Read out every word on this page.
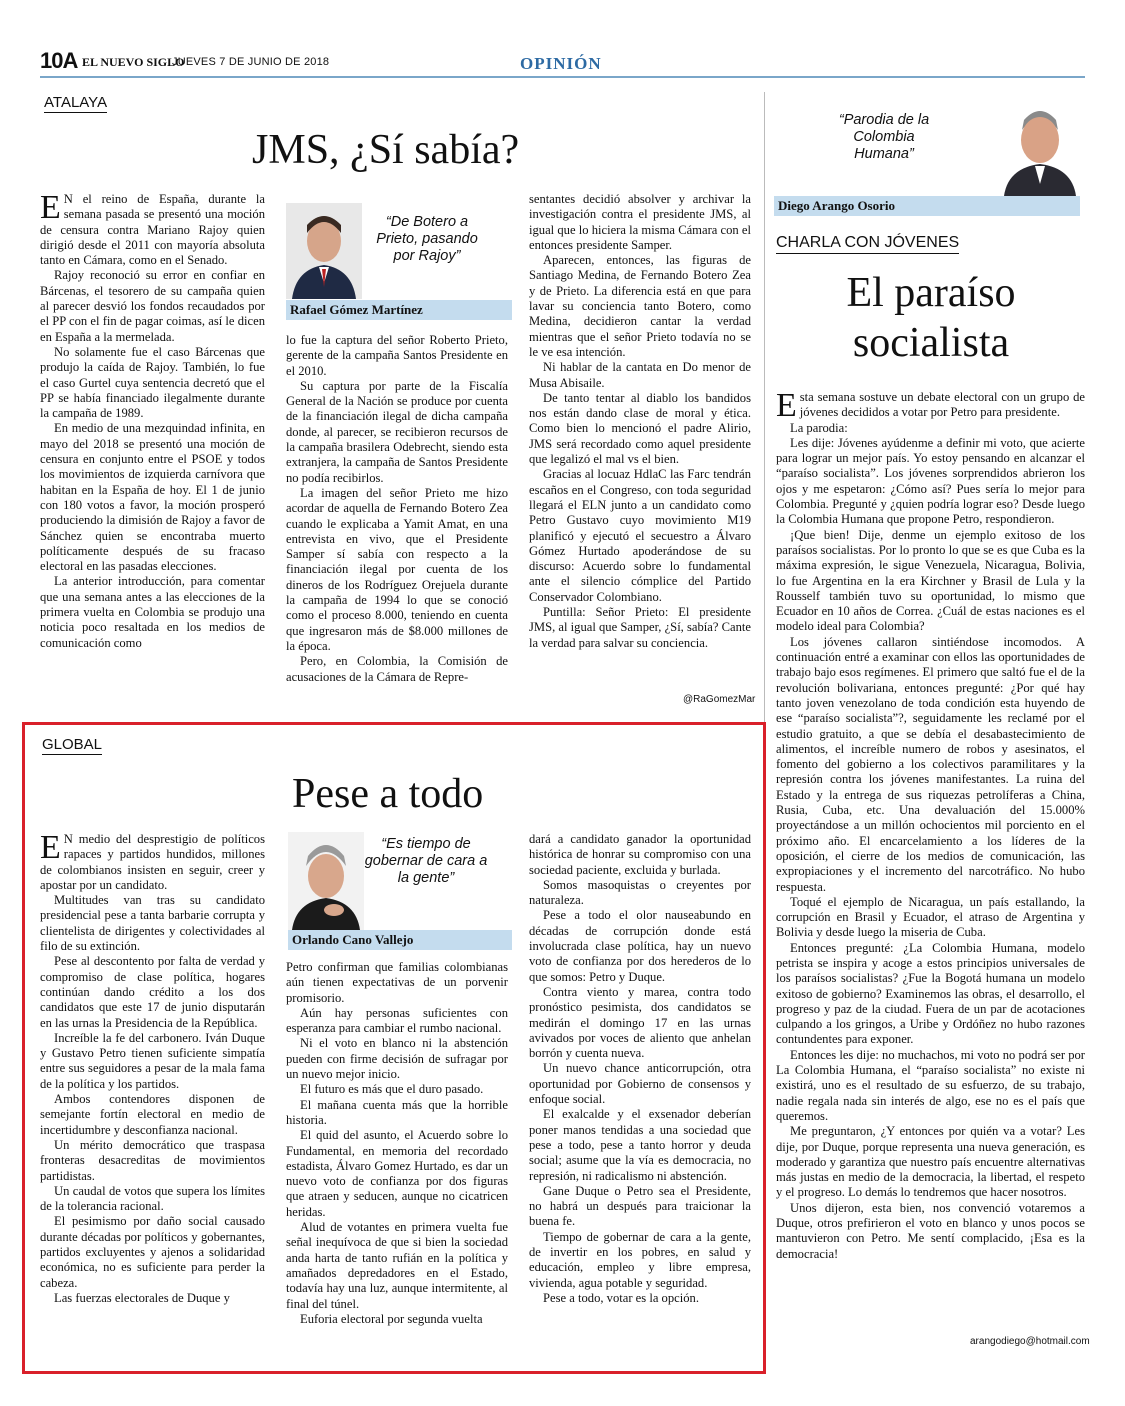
10A EL NUEVO SIGLO
JUEVES 7 DE JUNIO DE 2018	OPINIÓN
ATALAYA
JMS, ¿Sí sabía?

E N el reino de España, durante la semana pasada se presentó una moción de censura contra Mariano Rajoy quien dirigió desde el 2011 con mayoría absoluta tanto en Cámara, como en el Senado.

Rajoy reconoció su error en confiar en Bárcenas, el tesorero de su campaña quien al parecer desvió los fondos recaudados por el PP con el fin de pagar coimas, así le dicen en España a la mermelada.

No solamente fue el caso Bárcenas que produjo la caída de Rajoy. También, lo fue el caso Gurtel cuya sentencia decretó que el PP se había financiado ilegalmente durante la campaña de 1989.

En medio de una mezquindad infinita, en mayo del 2018 se presentó una moción de censura en conjunto entre el PSOE y todos los movimientos de izquierda carnívora que habitan en la España de hoy. El 1 de junio con 180 votos a favor, la moción prosperó produciendo la dimisión de Rajoy a favor de Sánchez quien se encontraba muerto políticamente después de su fracaso electoral en las pasadas elecciones.

La anterior introducción, para comentar que una semana antes a las elecciones de la primera vuelta en Colombia se produjo una noticia poco resaltada en los medios de comunicación como

“De Botero a Prieto, pasando por Rajoy”
Rafael Gómez Martínez

lo fue la captura del señor Roberto Prieto, gerente de la campaña Santos Presidente en el 2010.

Su captura por parte de la Fiscalía General de la Nación se produce por cuenta de la financiación ilegal de dicha campaña donde, al parecer, se recibieron recursos de la campaña brasilera Odebrecht, siendo esta extranjera, la campaña de Santos Presidente no podía recibirlos.

La imagen del señor Prieto me hizo acordar de aquella de Fernando Botero Zea cuando le explicaba a Yamit Amat, en una entrevista en vivo, que el Presidente Samper sí sabía con respecto a la financiación ilegal por cuenta de los dineros de los Rodríguez Orejuela durante la campaña de 1994 lo que se conoció como el proceso 8.000, teniendo en cuenta que ingresaron más de $8.000 millones de la época.

Pero, en Colombia, la Comisión de acusaciones de la Cámara de Repre-

sentantes decidió absolver y archivar la investigación contra el presidente JMS, al igual que lo hiciera la misma Cámara con el entonces presidente Samper.

Aparecen, entonces, las figuras de Santiago Medina, de Fernando Botero Zea y de Prieto. La diferencia está en que para lavar su conciencia tanto Botero, como Medina, decidieron cantar la verdad mientras que el señor Prieto todavía no se le ve esa intención.

Ni hablar de la cantata en Do menor de Musa Abisaile.

De tanto tentar al diablo los bandidos nos están dando clase de moral y ética. Como bien lo mencionó el padre Alirio, JMS será recordado como aquel presidente que legalizó el mal vs el bien.

Gracias al locuaz HdlaC las Farc tendrán escaños en el Congreso, con toda seguridad llegará el ELN junto a un candidato como Petro Gustavo cuyo movimiento M19 planificó y ejecutó el secuestro a Álvaro Gómez Hurtado apoderándose de su discurso: Acuerdo sobre lo fundamental ante el silencio cómplice del Partido Conservador Colombiano.

Puntilla: Señor Prieto: El presidente JMS, al igual que Samper, ¿Sí, sabía? Cante la verdad para salvar su conciencia.

@RaGomezMar
GLOBAL
Pese a todo

E N medio del desprestigio de políticos rapaces y partidos hundidos, millones de colombianos insisten en seguir, creer y apostar por un candidato.

Multitudes van tras su candidato presidencial pese a tanta barbarie corrupta y clientelista de dirigentes y colectividades al filo de su extinción.

Pese al descontento por falta de verdad y compromiso de clase política, hogares continúan dando crédito a los dos candidatos que este 17 de junio disputarán en las urnas la Presidencia de la República.

Increíble la fe del carbonero. Iván Duque y Gustavo Petro tienen suficiente simpatía entre sus seguidores a pesar de la mala fama de la política y los partidos.

Ambos contendores disponen de semejante fortín electoral en medio de incertidumbre y desconfianza nacional.

Un mérito democrático que traspasa fronteras desacreditas de movimientos partidistas.

Un caudal de votos que supera los límites de la tolerancia racional.

El pesimismo por daño social causado durante décadas por políticos y gobernantes, partidos excluyentes y ajenos a solidaridad económica, no es suficiente para perder la cabeza.

Las fuerzas electorales de Duque y

“Es tiempo de gobernar de cara a la gente”
Orlando Cano Vallejo

Petro confirman que familias colombianas aún tienen expectativas de un porvenir promisorio.

Aún hay personas suficientes con esperanza para cambiar el rumbo nacional.

Ni el voto en blanco ni la abstención pueden con firme decisión de sufragar por un nuevo mejor inicio.

El futuro es más que el duro pasado.

El mañana cuenta más que la horrible historia.

El quid del asunto, el Acuerdo sobre lo Fundamental, en memoria del recordado estadista, Álvaro Gomez Hurtado, es dar un nuevo voto de confianza por dos figuras que atraen y seducen, aunque no cicatricen heridas.

Alud de votantes en primera vuelta fue señal inequívoca de que si bien la sociedad anda harta de tanto rufián en la política y amañados depredadores en el Estado, todavía hay una luz, aunque intermitente, al final del túnel.

Euforia electoral por segunda vuelta

dará a candidato ganador la oportunidad histórica de honrar su compromiso con una sociedad paciente, excluida y burlada.

Somos masoquistas o creyentes por naturaleza.

Pese a todo el olor nauseabundo en décadas de corrupción donde está involucrada clase política, hay un nuevo voto de confianza por dos herederos de lo que somos: Petro y Duque.

Contra viento y marea, contra todo pronóstico pesimista, dos candidatos se medirán el domingo 17 en las urnas avivados por voces de aliento que anhelan borrón y cuenta nueva.

Un nuevo chance anticorrupción, otra oportunidad por Gobierno de consensos y enfoque social.

El exalcalde y el exsenador deberían poner manos tendidas a una sociedad que pese a todo, pese a tanto horror y deuda social; asume que la vía es democracia, no represión, ni radicalismo ni abstención.

Gane Duque o Petro sea el Presidente, no habrá un después para traicionar la buena fe.

Tiempo de gobernar de cara a la gente, de invertir en los pobres, en salud y educación, empleo y libre empresa, vivienda, agua potable y seguridad.

Pese a todo, votar es la opción.

“Parodia de la Colombia Humana”
Diego Arango Osorio
CHARLA CON JÓVENES
El paraíso socialista

Esta semana sostuve un debate electoral con un grupo de jóvenes decididos a votar por Petro para presidente.

La parodia:

Les dije: Jóvenes ayúdenme a definir mi voto, que acierte para lograr un mejor país. Yo estoy pensando en alcanzar el “paraíso socialista”. Los jóvenes sorprendidos abrieron los ojos y me espetaron: ¿Cómo así? Pues sería lo mejor para Colombia. Pregunté y ¿quien podría lograr eso? Desde luego la Colombia Humana que propone Petro, respondieron.

¡Que bien! Dije, denme un ejemplo exitoso de los paraísos socialistas. Por lo pronto lo que se es que Cuba es la máxima expresión, le sigue Venezuela, Nicaragua, Bolivia, lo fue Argentina en la era Kirchner y Brasil de Lula y la Rousself también tuvo su oportunidad, lo mismo que Ecuador en 10 años de Correa. ¿Cuál de estas naciones es el modelo ideal para Colombia?

Los jóvenes callaron sintiéndose incomodos. A continuación entré a examinar con ellos las oportunidades de trabajo bajo esos regímenes. El primero que saltó fue el de la revolución bolivariana, entonces pregunté: ¿Por qué hay tanto joven venezolano de toda condición esta huyendo de ese “paraíso socialista”?, seguidamente les reclamé por el estudio gratuito, a que se debía el desabastecimiento de alimentos, el increíble numero de robos y asesinatos, el fomento del gobierno a los colectivos paramilitares y la represión contra los jóvenes manifestantes. La ruina del Estado y la entrega de sus riquezas petrolíferas a China, Rusia, Cuba, etc. Una devaluación del 15.000% proyectándose a un millón ochocientos mil porciento en el próximo año. El encarcelamiento a los líderes de la oposición, el cierre de los medios de comunicación, las expropiaciones y el incremento del narcotráfico. No hubo respuesta.

Toqué el ejemplo de Nicaragua, un país estallando, la corrupción en Brasil y Ecuador, el atraso de Argentina y Bolivia y desde luego la miseria de Cuba.

Entonces pregunté: ¿La Colombia Humana, modelo petrista se inspira y acoge a estos principios universales de los paraísos socialistas? ¿Fue la Bogotá humana un modelo exitoso de gobierno? Examinemos las obras, el desarrollo, el progreso y paz de la ciudad. Fuera de un par de acotaciones culpando a los gringos, a Uribe y Ordóñez no hubo razones contundentes para exponer.

Entonces les dije: no muchachos, mi voto no podrá ser por La Colombia Humana, el “paraíso socialista” no existe ni existirá, uno es el resultado de su esfuerzo, de su trabajo, nadie regala nada sin interés de algo, ese no es el país que queremos.

Me preguntaron, ¿Y entonces por quién va a votar? Les dije, por Duque, porque representa una nueva generación, es moderado y garantiza que nuestro país encuentre alternativas más justas en medio de la democracia, la libertad, el respeto y el progreso. Lo demás lo tendremos que hacer nosotros.

Unos dijeron, esta bien, nos convenció votaremos a Duque, otros prefirieron el voto en blanco y unos pocos se mantuvieron con Petro. Me sentí complacido, ¡Esa es la democracia!

arangodiego@hotmail.com
